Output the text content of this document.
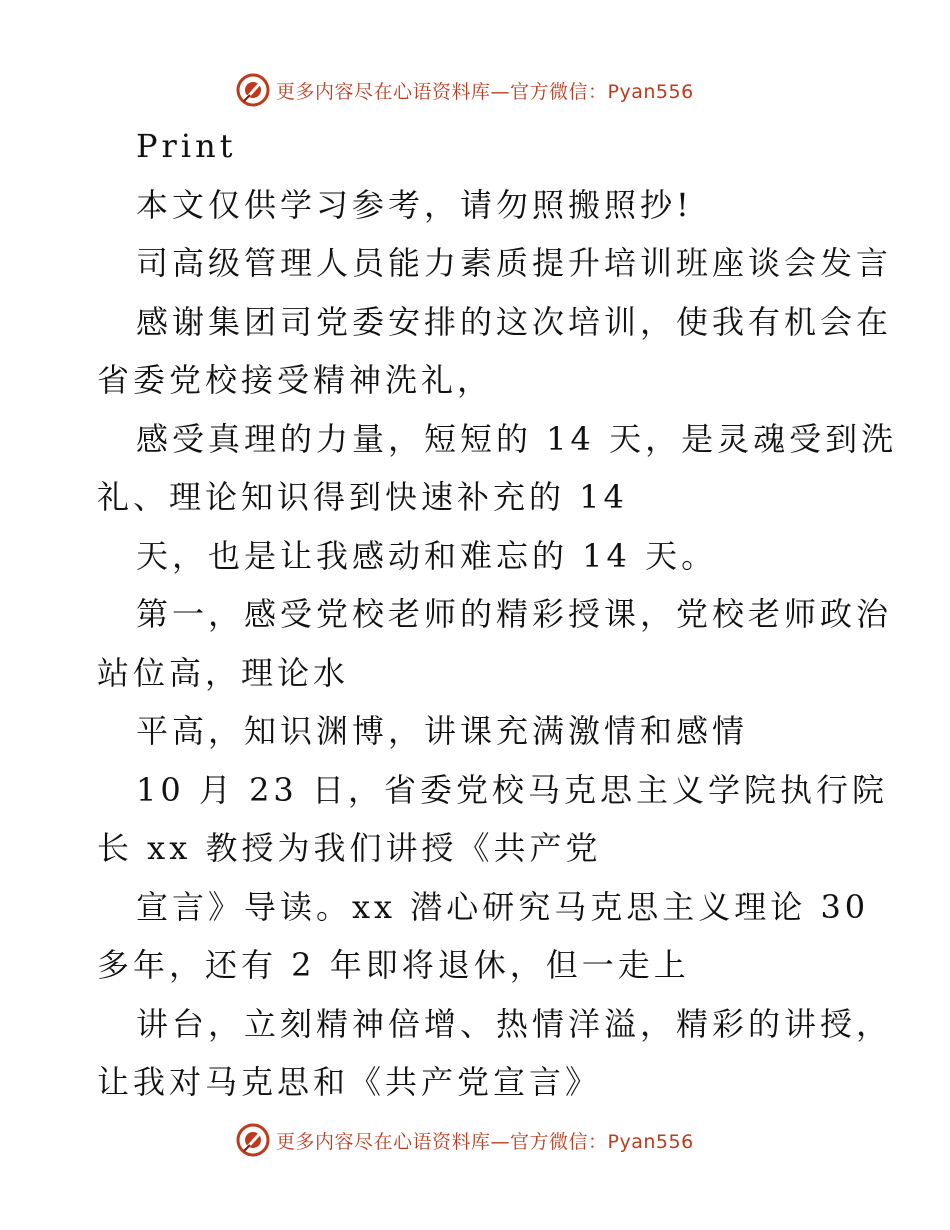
更多内容尽在心语资料库—官方微信：Pyan556
Print
本文仅供学习参考，请勿照搬照抄!
司高级管理人员能力素质提升培训班座谈会发言
感谢集团司党委安排的这次培训，使我有机会在
省委党校接受精神洗礼，
感受真理的力量，短短的 14 天，是灵魂受到洗
礼、理论知识得到快速补充的 14
天，也是让我感动和难忘的 14 天。
第一，感受党校老师的精彩授课，党校老师政治
站位高，理论水
平高，知识渊博，讲课充满激情和感情
10 月 23 日，省委党校马克思主义学院执行院
长 xx 教授为我们讲授《共产党
宣言》导读。xx 潜心研究马克思主义理论 30
多年，还有 2 年即将退休，但一走上
讲台，立刻精神倍增、热情洋溢，精彩的讲授，
让我对马克思和《共产党宣言》
更多内容尽在心语资料库—官方微信：Pyan556
